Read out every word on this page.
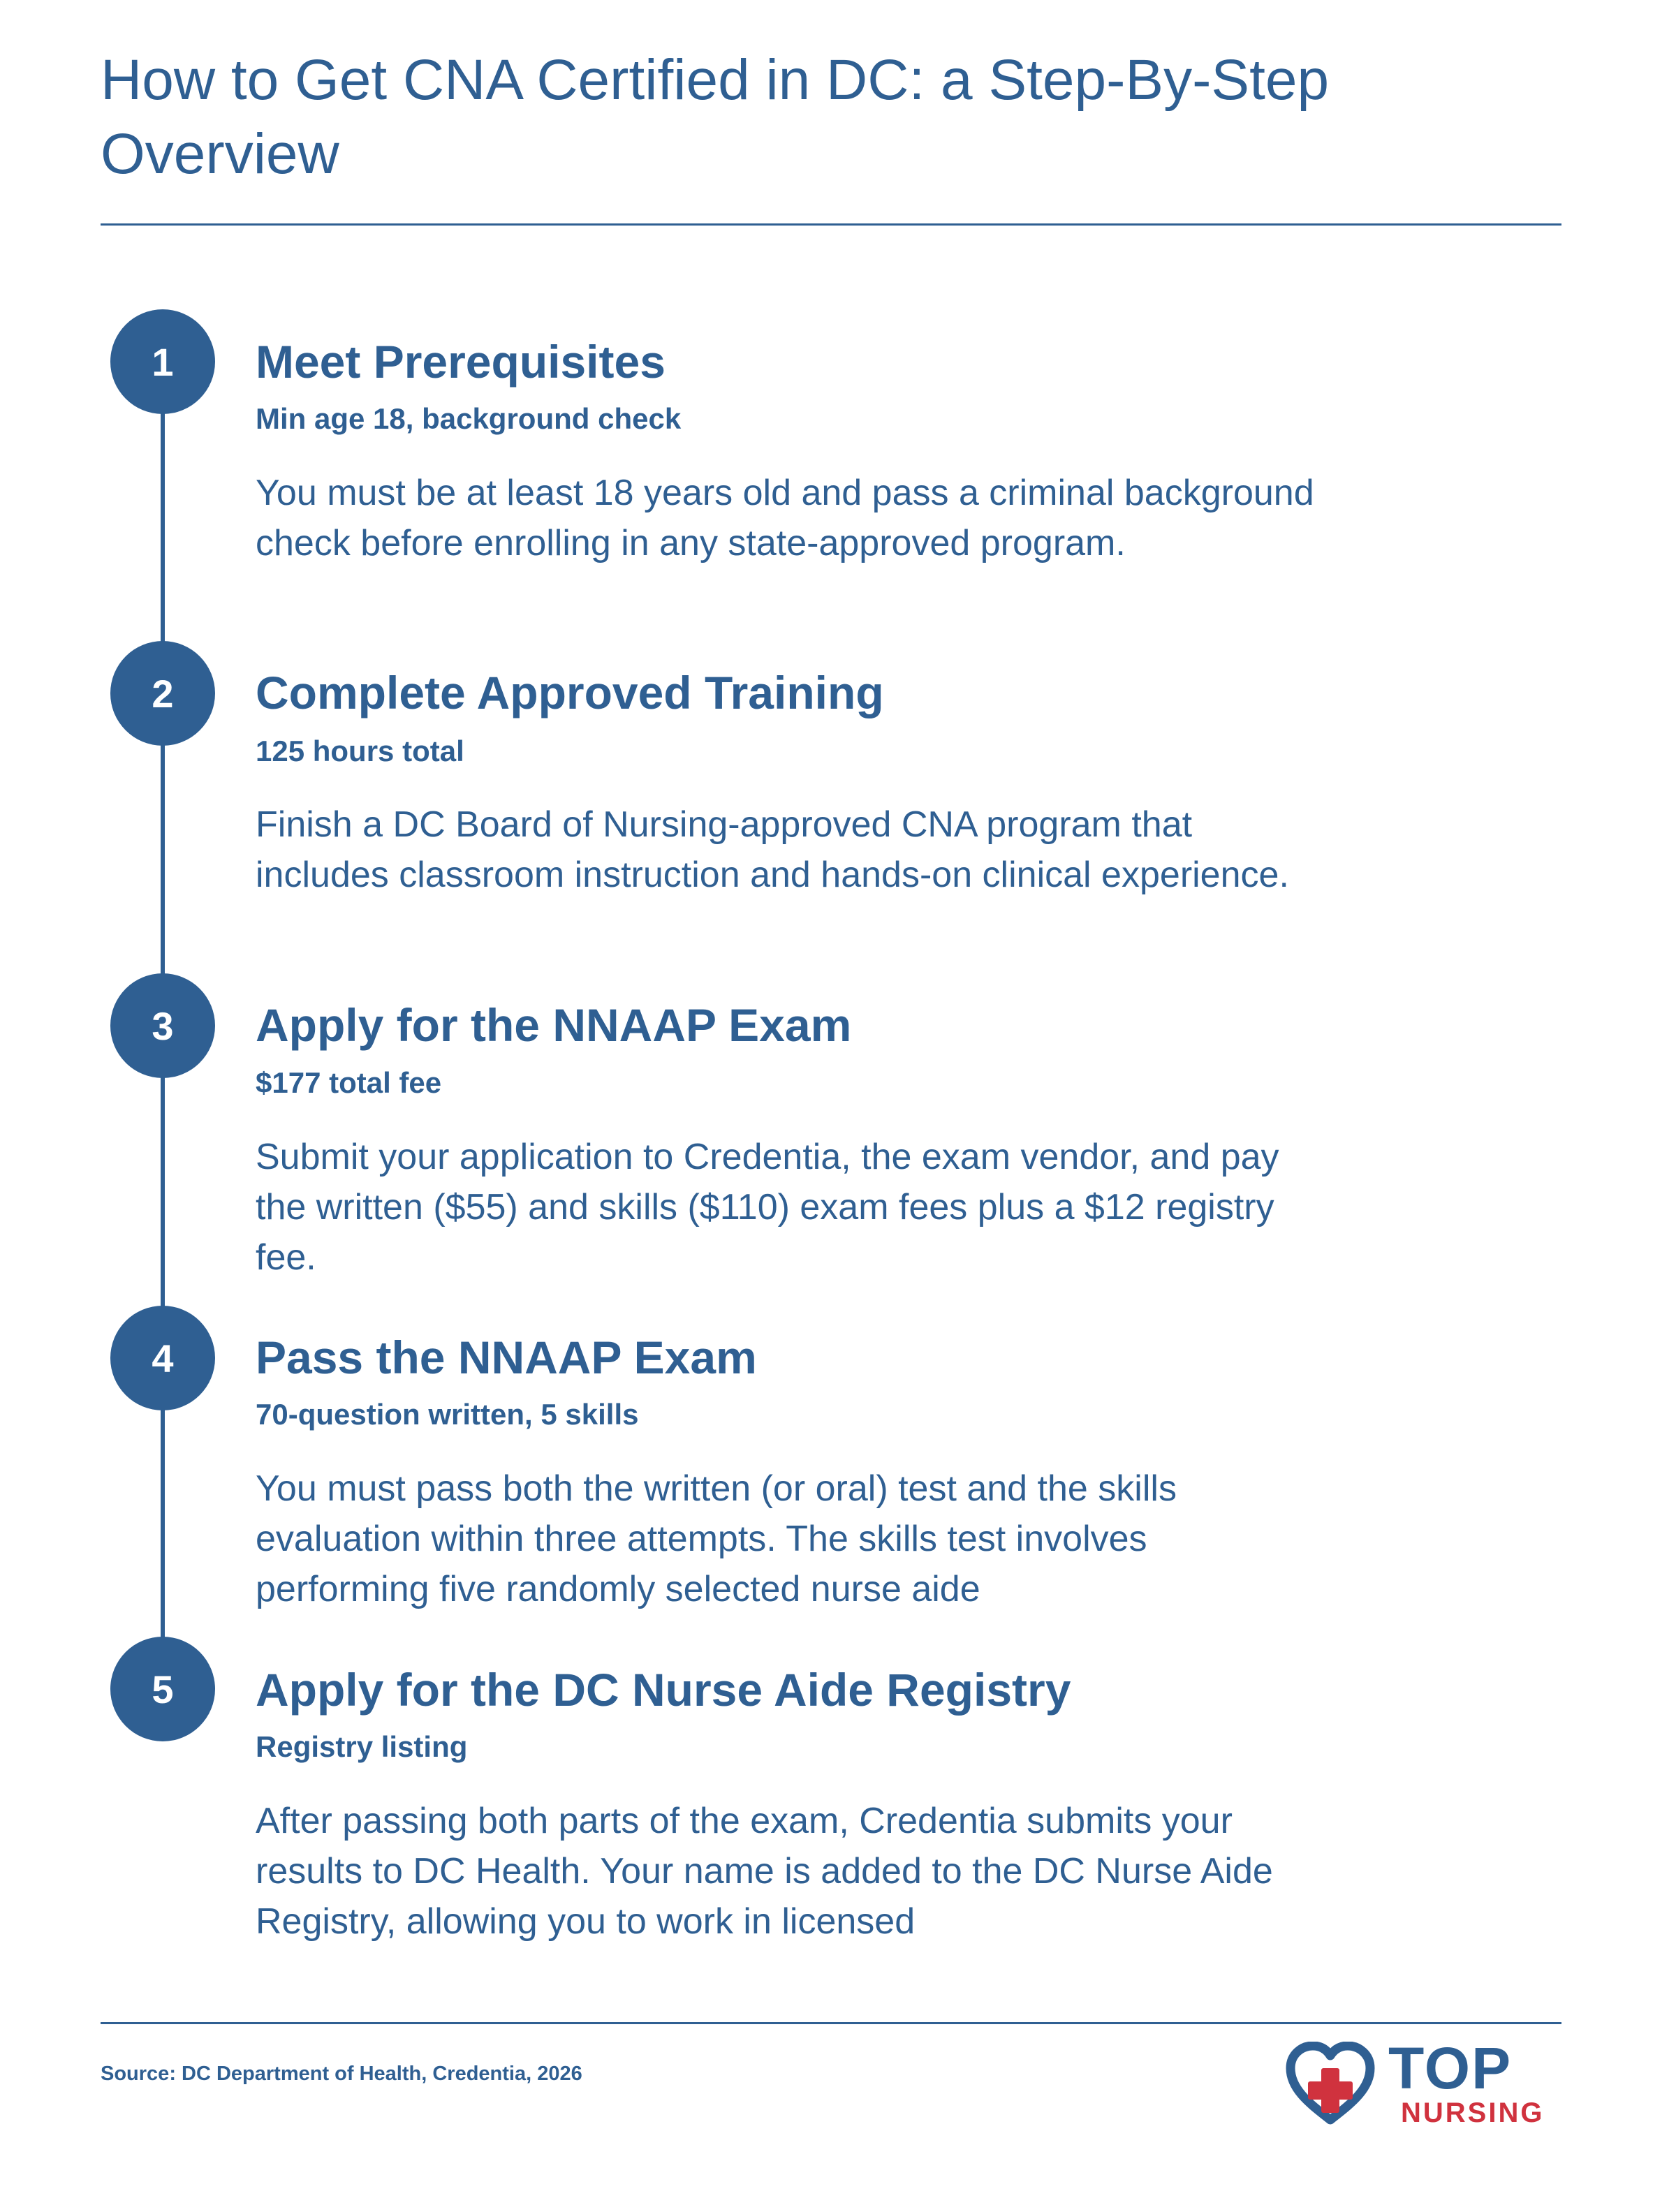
How to Get CNA Certified in DC: a Step-By-Step Overview
1	Meet Prerequisites
Min age 18, background check

You must be at least 18 years old and pass a criminal background check before enrolling in any state-approved program.

2	Complete Approved Training
125 hours total

Finish a DC Board of Nursing-approved CNA program that includes classroom instruction and hands-on clinical experience.

3	Apply for the NNAAP Exam
$177 total fee

Submit your application to Credentia, the exam vendor, and pay the written ($55) and skills ($110) exam fees plus a $12 registry fee.

4	Pass the NNAAP Exam
70-question written, 5 skills

You must pass both the written (or oral) test and the skills evaluation within three attempts. The skills test involves performing five randomly selected nurse aide

5	Apply for the DC Nurse Aide Registry
Registry listing

After passing both parts of the exam, Credentia submits your results to DC Health. Your name is added to the DC Nurse Aide Registry, allowing you to work in licensed

Source: DC Department of Health, Credentia, 2026	TOP
NURSING
